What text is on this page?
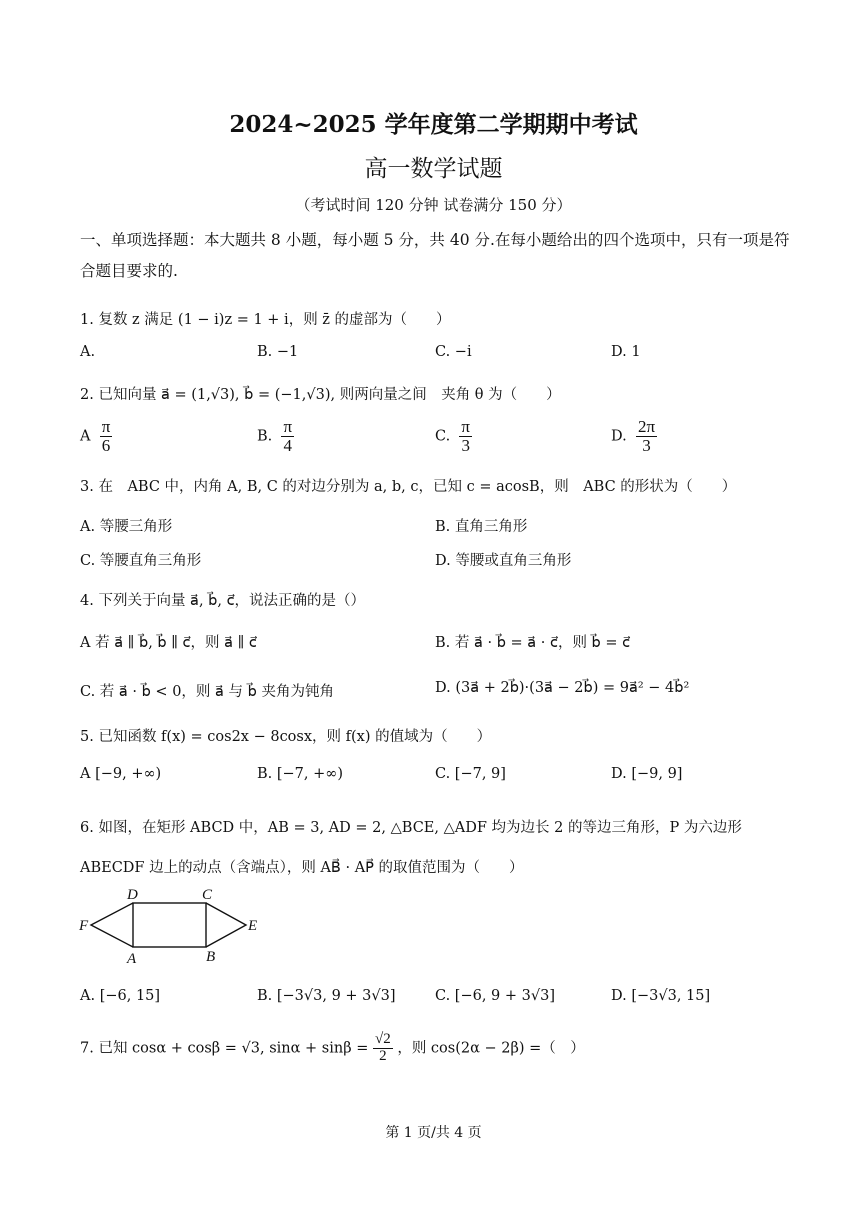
2024~2025 学年度第二学期期中考试
高一数学试题
（考试时间 120 分钟 试卷满分 150 分）
一、单项选择题：本大题共 8 小题，每小题 5 分，共 40 分.在每小题给出的四个选项中，只有一项是符合题目要求的.
1. 复数 z 满足 (1 − i)z = 1 + i，则 z̄ 的虚部为（　　）
A.	B. −1	C. −i	D. 1
2. 已知向量 a⃗ = (1,√3), b⃗ = (−1,√3), 则两向量之间　夹角 θ 为（　　）
A $\frac{\pi}{6}$	B. $\frac{\pi}{4}$	C. $\frac{\pi}{3}$	D. $\frac{2\pi}{3}$
3. 在　ABC 中，内角 A, B, C 的对边分别为 a, b, c，已知 c = acosB，则　ABC 的形状为（　　）
A. 等腰三角形	B. 直角三角形
C. 等腰直角三角形	D. 等腰或直角三角形
4. 下列关于向量 a⃗, b⃗, c⃗，说法正确的是（）
A 若 a⃗ ∥ b⃗, b⃗ ∥ c⃗，则 a⃗ ∥ c⃗	B. 若 a⃗ · b⃗ = a⃗ · c⃗，则 b⃗ = c⃗
C. 若 a⃗ · b⃗ < 0，则 a⃗ 与 b⃗ 夹角为钝角	D. (3a⃗ + 2b⃗)·(3a⃗ − 2b⃗) = 9a⃗² − 4b⃗²
5. 已知函数 f(x) = cos2x − 8cosx，则 f(x) 的值域为（　　）
A [−9, +∞)	B. [−7, +∞)	C. [−7, 9]	D. [−9, 9]
6. 如图，在矩形 ABCD 中，AB = 3, AD = 2, △BCE, △ADF 均为边长 2 的等边三角形，P 为六边形
ABECDF 边上的动点（含端点），则 AB⃗ · AP⃗ 的取值范围为（　　）
D	C
F	E
A	B
A. [−6, 15]	B. [−3√3, 9 + 3√3]	C. [−6, 9 + 3√3]	D. [−3√3, 15]
7. 已知 cosα + cosβ = √3, $\sin\alpha + \sin\beta = \frac{√2}{2}$ ，则 cos(2α − 2β) =（　）
第 1 页/共 4 页
